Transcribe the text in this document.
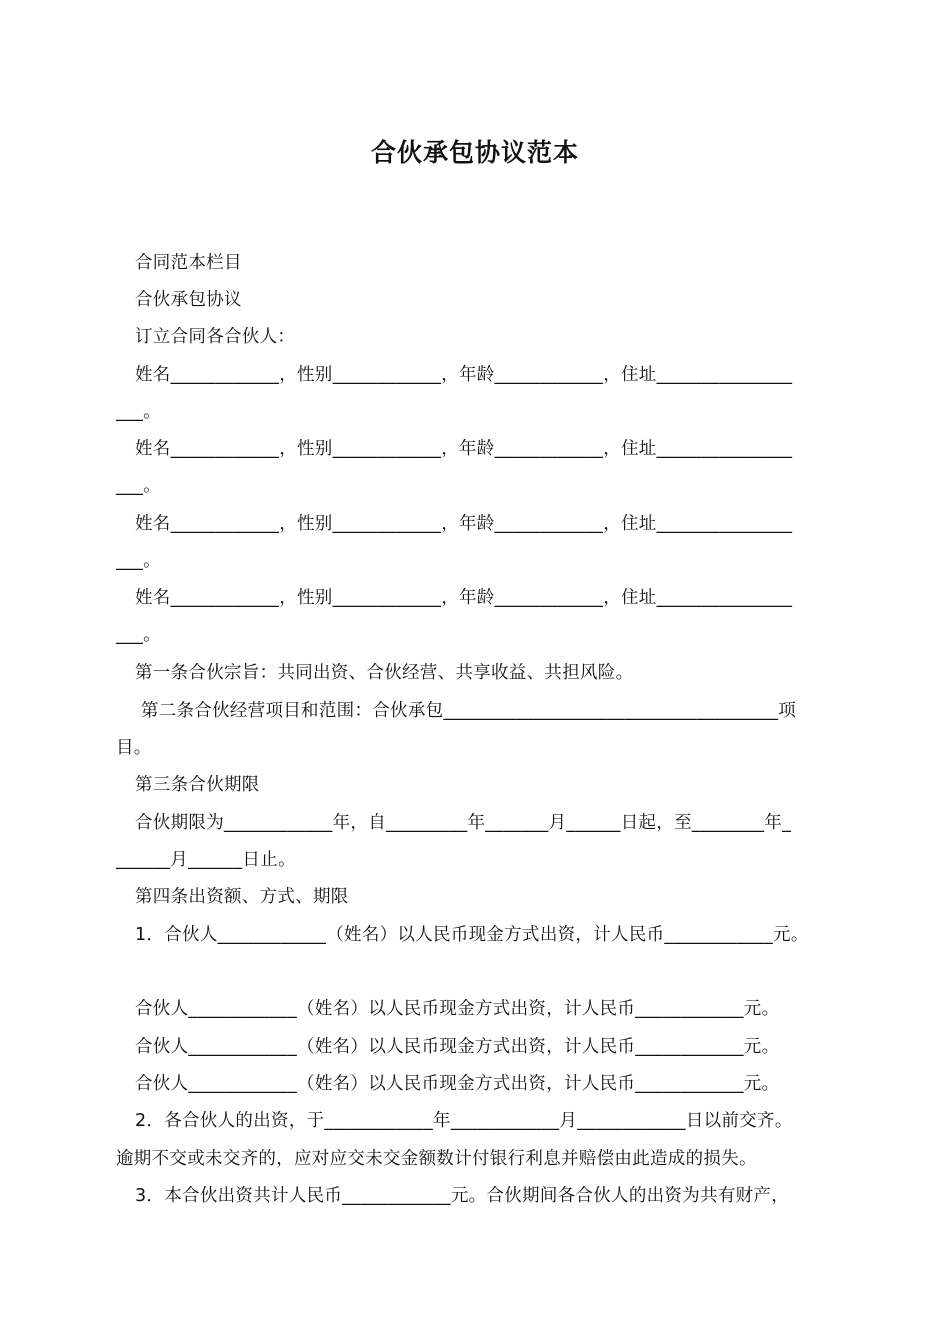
合伙承包协议范本
合同范本栏目
合伙承包协议
订立合同各合伙人：
姓名____________，性别____________，年龄____________，住址_______________
___。
姓名____________，性别____________，年龄____________，住址_______________
___。
姓名____________，性别____________，年龄____________，住址_______________
___。
姓名____________，性别____________，年龄____________，住址_______________
___。
第一条合伙宗旨：共同出资、合伙经营、共享收益、共担风险。
第二条合伙经营项目和范围：合伙承包_____________________________________项
目。
第三条合伙期限
合伙期限为____________年，自_________年_______月______日起，至________年_
______月______日止。
第四条出资额、方式、期限
1．合伙人____________（姓名）以人民币现金方式出资，计人民币____________元。
合伙人____________（姓名）以人民币现金方式出资，计人民币____________元。
合伙人____________（姓名）以人民币现金方式出资，计人民币____________元。
合伙人____________（姓名）以人民币现金方式出资，计人民币____________元。
2．各合伙人的出资，于____________年____________月____________日以前交齐。
逾期不交或未交齐的，应对应交未交金额数计付银行利息并赔偿由此造成的损失。
3．本合伙出资共计人民币____________元。合伙期间各合伙人的出资为共有财产，
